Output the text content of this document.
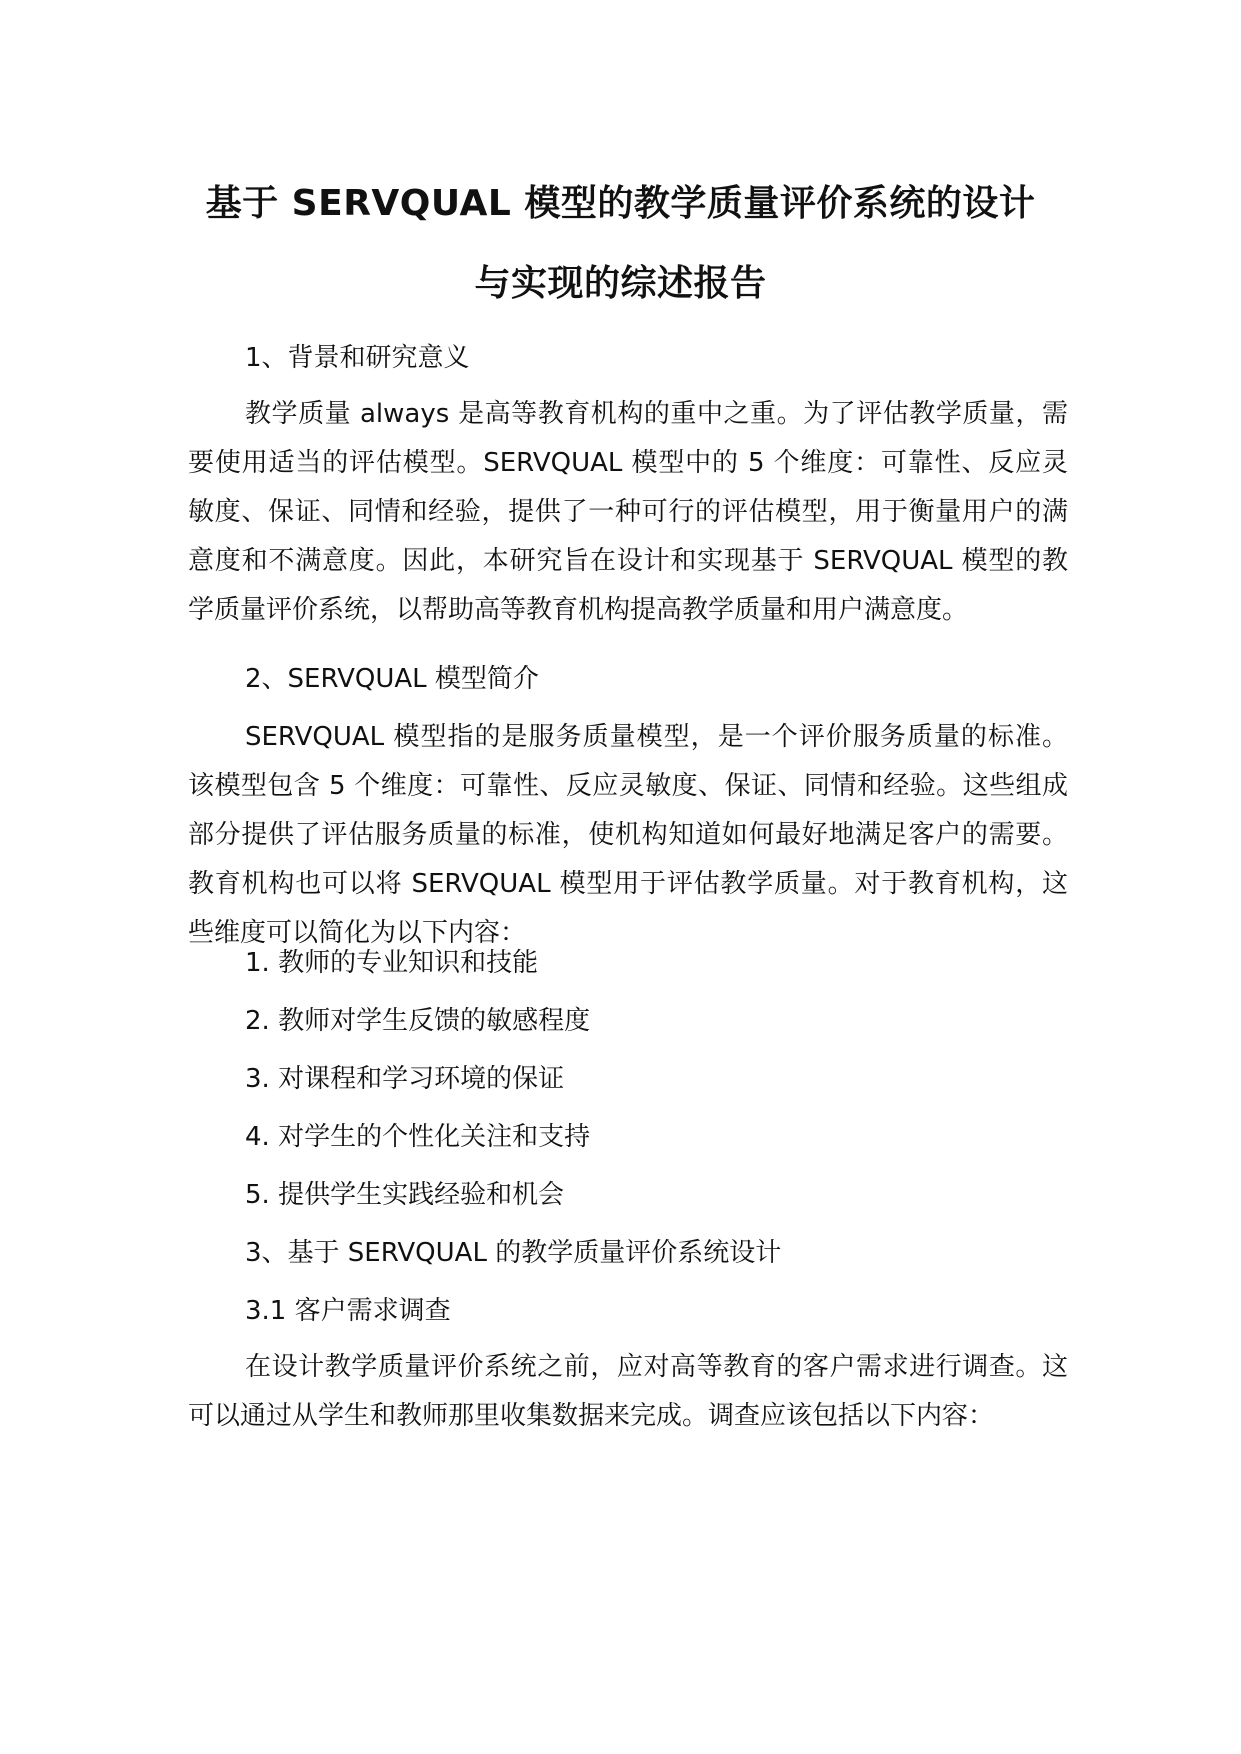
基于 SERVQUAL 模型的教学质量评价系统的设计
与实现的综述报告
1、背景和研究意义
教学质量 always 是高等教育机构的重中之重。为了评估教学质量，需要使用适当的评估模型。SERVQUAL 模型中的 5 个维度：可靠性、反应灵敏度、保证、同情和经验，提供了一种可行的评估模型，用于衡量用户的满意度和不满意度。因此，本研究旨在设计和实现基于 SERVQUAL 模型的教学质量评价系统，以帮助高等教育机构提高教学质量和用户满意度。
2、SERVQUAL 模型简介
SERVQUAL 模型指的是服务质量模型，是一个评价服务质量的标准。该模型包含 5 个维度：可靠性、反应灵敏度、保证、同情和经验。这些组成部分提供了评估服务质量的标准，使机构知道如何最好地满足客户的需要。教育机构也可以将 SERVQUAL 模型用于评估教学质量。对于教育机构，这些维度可以简化为以下内容：
1. 教师的专业知识和技能
2. 教师对学生反馈的敏感程度
3. 对课程和学习环境的保证
4. 对学生的个性化关注和支持
5. 提供学生实践经验和机会
3、基于 SERVQUAL 的教学质量评价系统设计
3.1 客户需求调查
在设计教学质量评价系统之前，应对高等教育的客户需求进行调查。这可以通过从学生和教师那里收集数据来完成。调查应该包括以下内容：
